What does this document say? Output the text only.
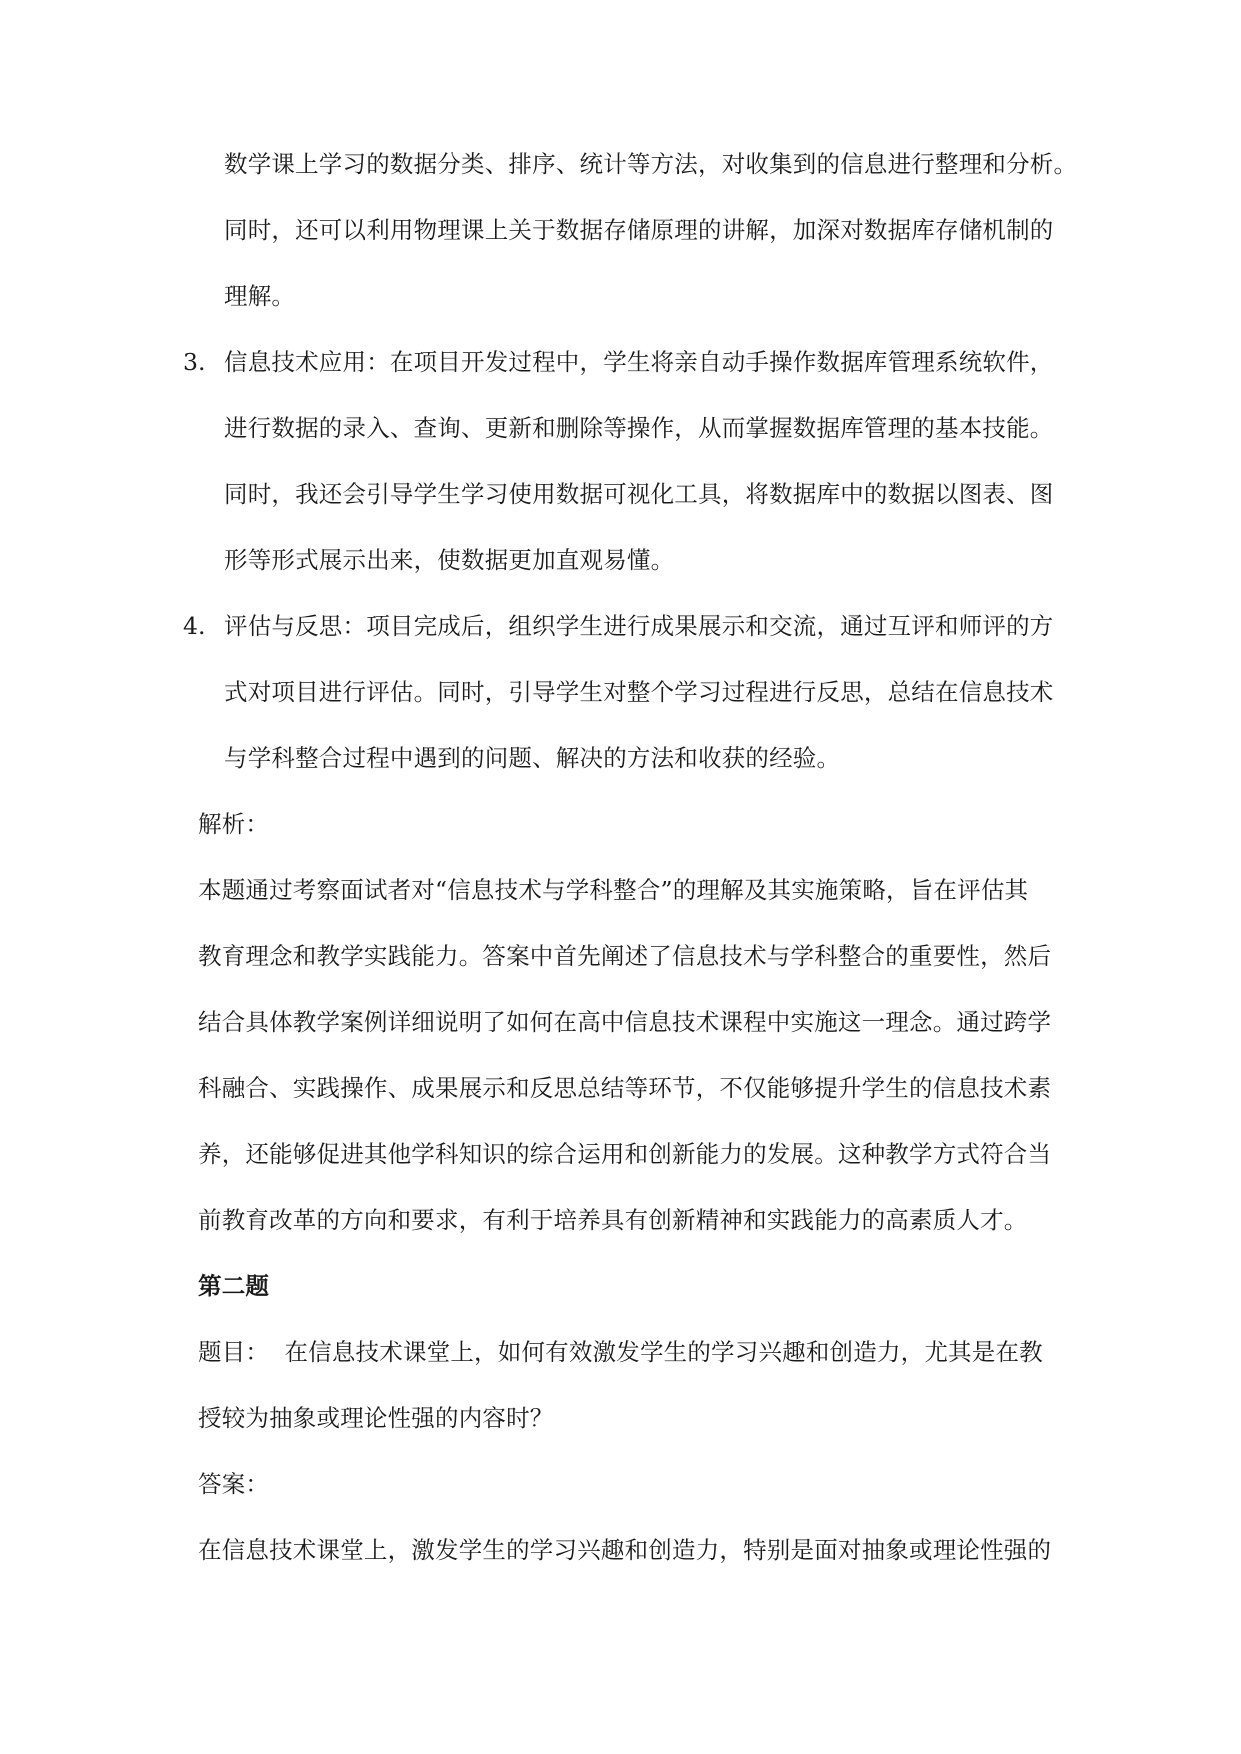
数学课上学习的数据分类、排序、统计等方法，对收集到的信息进行整理和分析。
同时，还可以利用物理课上关于数据存储原理的讲解，加深对数据库存储机制的
理解。
3. 信息技术应用：在项目开发过程中，学生将亲自动手操作数据库管理系统软件，
进行数据的录入、查询、更新和删除等操作，从而掌握数据库管理的基本技能。
同时，我还会引导学生学习使用数据可视化工具，将数据库中的数据以图表、图
形等形式展示出来，使数据更加直观易懂。
4. 评估与反思：项目完成后，组织学生进行成果展示和交流，通过互评和师评的方
式对项目进行评估。同时，引导学生对整个学习过程进行反思，总结在信息技术
与学科整合过程中遇到的问题、解决的方法和收获的经验。
解析：
本题通过考察面试者对“信息技术与学科整合”的理解及其实施策略，旨在评估其
教育理念和教学实践能力。答案中首先阐述了信息技术与学科整合的重要性，然后
结合具体教学案例详细说明了如何在高中信息技术课程中实施这一理念。通过跨学
科融合、实践操作、成果展示和反思总结等环节，不仅能够提升学生的信息技术素
养，还能够促进其他学科知识的综合运用和创新能力的发展。这种教学方式符合当
前教育改革的方向和要求，有利于培养具有创新精神和实践能力的高素质人才。
第二题
题目：  在信息技术课堂上，如何有效激发学生的学习兴趣和创造力，尤其是在教
授较为抽象或理论性强的内容时？
答案：
在信息技术课堂上，激发学生的学习兴趣和创造力，特别是面对抽象或理论性强的
